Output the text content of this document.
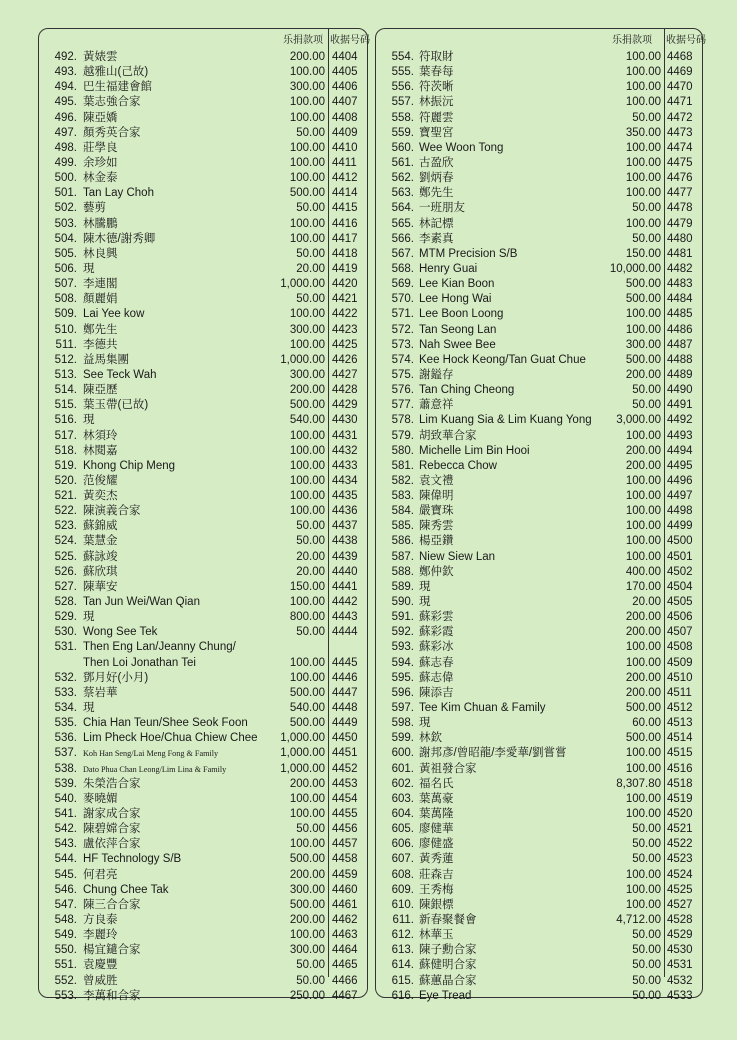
乐捐款项 收据号码
492. 黃婊雲	200.00 4404
493. 越雅山(己故)	100.00 4405
494. 巴生福建會館	300.00 4406
495. 葉志強合家	100.00 4407
496. 陳亞嬌	100.00 4408
497. 顏秀英合家	50.00 4409
498. 莊學良	100.00 4410
499. 余珍如	100.00 4411
500. 林金泰	100.00 4412
501. Tan Lay Choh	500.00 4414
502. 藝剪	50.00 4415
503. 林騰鵬	100.00 4416
504. 陳木德/謝秀卿	100.00 4417
505. 林良興	50.00 4418
506. 現	20.00 4419
507. 李連閣	1,000.00 4420
508. 顏麗娟	50.00 4421
509. Lai Yee kow	100.00 4422
510. 鄭先生	300.00 4423
511. 李德共	100.00 4425
512. 益馬集團	1,000.00 4426
513. See Teck Wah	300.00 4427
514. 陳亞歷	200.00 4428
515. 葉玉帶(已故)	500.00 4429
516. 現	540.00 4430
517. 林須玲	100.00 4431
518. 林閱嘉	100.00 4432
519. Khong Chip Meng	100.00 4433
520. 范俊耀	100.00 4434
521. 黃奕杰	100.00 4435
522. 陳演義合家	100.00 4436
523. 蘇錦威	50.00 4437
524. 葉慧金	50.00 4438
525. 蘇詠竣	20.00 4439
526. 蘇欣琪	20.00 4440
527. 陳華安	150.00 4441
528. Tan Jun Wei/Wan Qian	100.00 4442
529. 現	800.00 4443
530. Wong See Tek	50.00 4444
531. Then Eng Lan/Jeanny Chung/
Then Loi Jonathan Tei	100.00 4445
532. 鄧月好(小月)	100.00 4446
533. 蔡岩華	500.00 4447
534. 現	540.00 4448
535. Chia Han Teun/Shee Seok Foon	500.00 4449
536. Lim Pheck Hoe/Chua Chiew Chee	1,000.00 4450
537. Koh Han Seng/Lai Meng Fong & Family	1,000.00 4451
538. Dato Phua Chan Leong/Lim Lina & Family	1,000.00 4452
539. 朱榮浩合家	200.00 4453
540. 麥曉媚	100.00 4454
541. 謝家成合家	100.00 4455
542. 陳碧嫦合家	50.00 4456
543. 盧依萍合家	100.00 4457
544. HF Technology S/B	500.00 4458
545. 何君亮	200.00 4459
546. Chung Chee Tak	300.00 4460
547. 陳三合合家	500.00 4461
548. 方良泰	200.00 4462
549. 李麗玲	100.00 4463
550. 楊宜鑓合家	300.00 4464
551. 袁慶豐	50.00 4465
552. 曾威胜	50.00 4466
553. 李萬和合家	250.00 4467
乐捐款项 收据号码
554. 符取財	100.00 4468
555. 葉春每	100.00 4469
556. 符茨晰	100.00 4470
557. 林振沅	100.00 4471
558. 符麗雲	50.00 4472
559. 寶聖宮	350.00 4473
560. Wee Woon Tong	100.00 4474
561. 古盈欣	100.00 4475
562. 劉炳春	100.00 4476
563. 鄭先生	100.00 4477
564. 一班朋友	50.00 4478
565. 林記標	100.00 4479
566. 李素真	50.00 4480
567. MTM Precision S/B	150.00 4481
568. Henry Guai	10,000.00 4482
569. Lee Kian Boon	500.00 4483
570. Lee Hong Wai	500.00 4484
571. Lee Boon Loong	100.00 4485
572. Tan Seong Lan	100.00 4486
573. Nah Swee Bee	300.00 4487
574. Kee Hock Keong/Tan Guat Chue	500.00 4488
575. 謝鎰存	200.00 4489
576. Tan Ching Cheong	50.00 4490
577. 蕭意祥	50.00 4491
578. Lim Kuang Sia & Lim Kuang Yong	3,000.00 4492
579. 胡致華合家	100.00 4493
580. Michelle Lim Bin Hooi	200.00 4494
581. Rebecca Chow	200.00 4495
582. 袁文禮	100.00 4496
583. 陳偉明	100.00 4497
584. 嚴寶珠	100.00 4498
585. 陳秀雲	100.00 4499
586. 楊亞鑽	100.00 4500
587. Niew Siew Lan	100.00 4501
588. 鄭仲欽	400.00 4502
589. 現	170.00 4504
590. 現	20.00 4505
591. 蘇彩雲	200.00 4506
592. 蘇彩霞	200.00 4507
593. 蘇彩冰	100.00 4508
594. 蘇志春	100.00 4509
595. 蘇志偉	200.00 4510
596. 陳添吉	200.00 4511
597. Tee Kim Chuan & Family	500.00 4512
598. 現	60.00 4513
599. 林欽	500.00 4514
600. 謝邦彥/曾昭龍/李愛華/劉嘗嘗	100.00 4515
601. 黃祖發合家	100.00 4516
602. 福名氏	8,307.80 4518
603. 葉萬豪	100.00 4519
604. 葉萬隆	100.00 4520
605. 廖健華	50.00 4521
606. 廖健盛	50.00 4522
607. 黃秀蓮	50.00 4523
608. 莊森吉	100.00 4524
609. 王秀梅	100.00 4525
610. 陳銀標	100.00 4527
611. 新春聚餐會	4,712.00 4528
612. 林華玉	50.00 4529
613. 陳子勳合家	50.00 4530
614. 蘇健明合家	50.00 4531
615. 蘇蕙晶合家	50.00 4532
616. Eye Tread	50.00 4533
